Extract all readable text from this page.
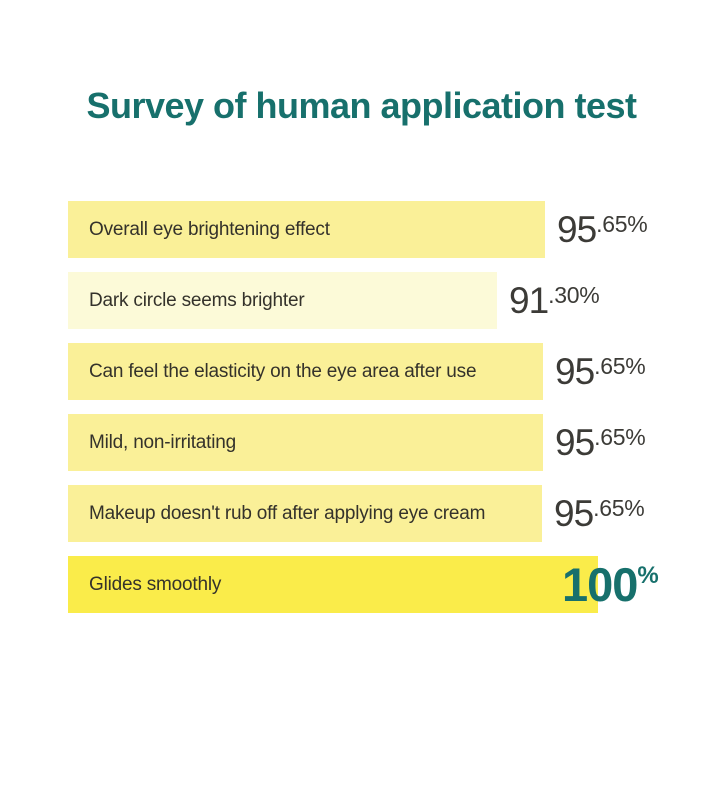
Survey of human application test
Overall eye brightening effect	95 .65%
Dark circle seems brighter	91 .30%
Can feel the elasticity on the eye area after use 95 .65%
Mild, non-irritating	95 .65%
Makeup doesn't rub off after applying eye cream 95 .65%
Glides smoothly	100 %
